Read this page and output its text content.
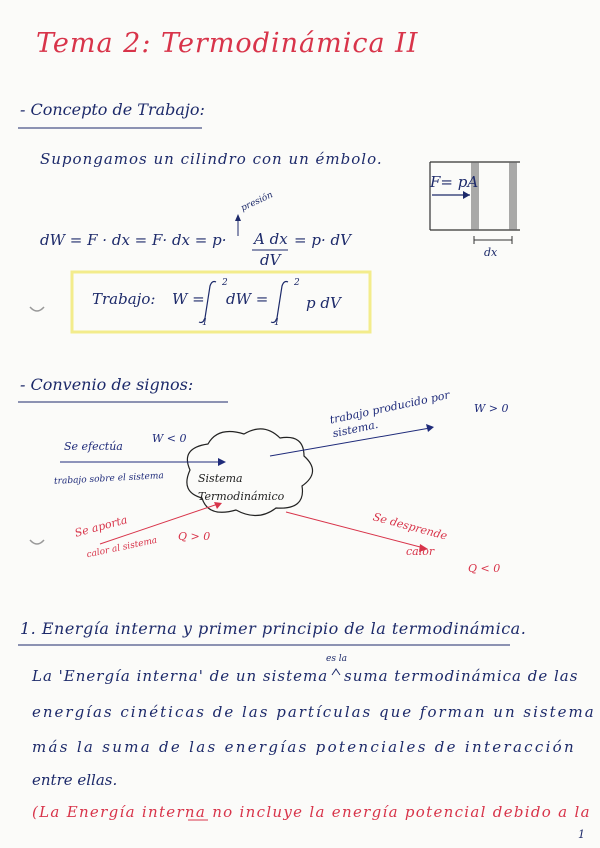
Tema 2: Termodinámica II
- Concepto de Trabajo:
Supongamos un cilindro con un émbolo.
presión
dW = F · dx = F· dx = p· A dx
dV
= p· dV
F= pA
dx
Trabajo: W =
2
1
dW =
2
1
p dV
- Convenio de signos:
Sistema Termodinámico
trabajo producido por sistema.
W > 0
Se efectúa
W < 0
trabajo sobre el sistema
Se aporta
calor al sistema Q > 0	Se desprende
calor
Q < 0
1. Energía interna y primer principio de la termodinámica.
La 'Energía interna' de un sistema
es la
suma termodinámica de las
energías cinéticas de las partículas que forman un sistema
más la suma de las energías potenciales de interacción
entre ellas.
(La Energía interna no incluye la energía potencial debido a la
1
